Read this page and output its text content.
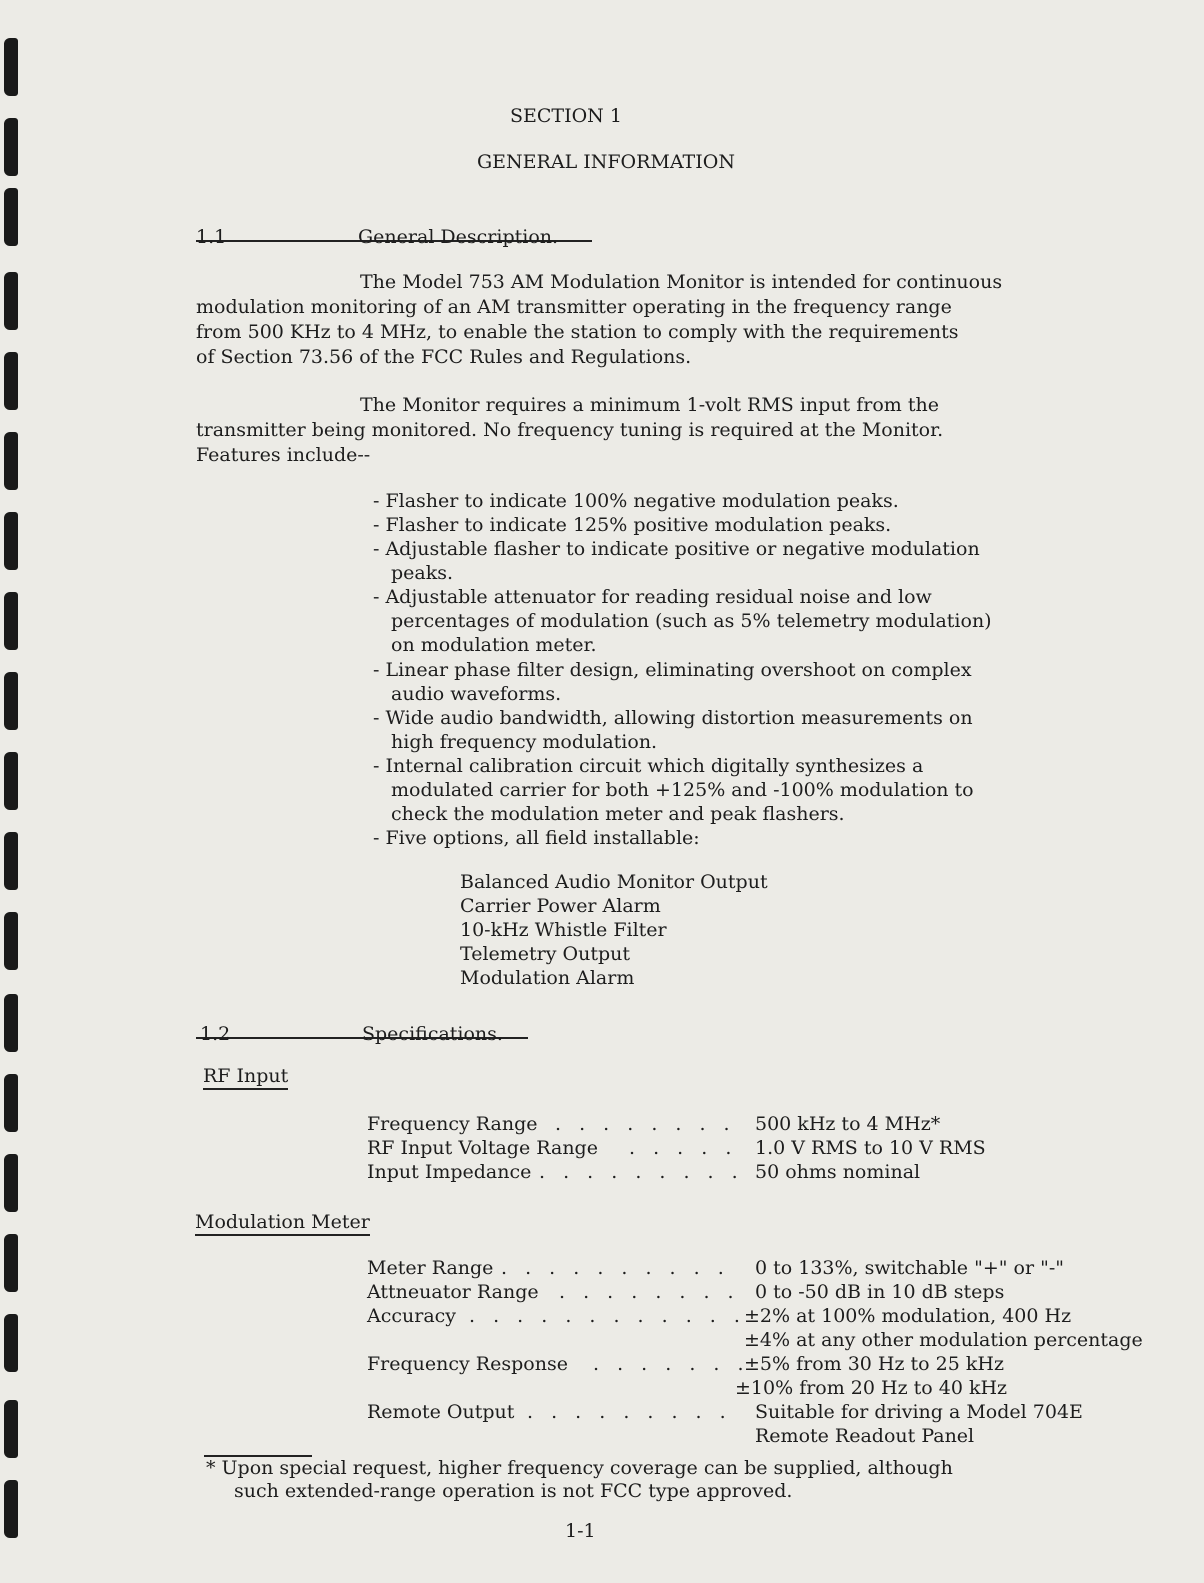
SECTION 1
GENERAL INFORMATION
1.1	General Description.
The Model 753 AM Modulation Monitor is intended for continuous
modulation monitoring of an AM transmitter operating in the frequency range
from 500 KHz to 4 MHz, to enable the station to comply with the requirements
of Section 73.56 of the FCC Rules and Regulations.
The Monitor requires a minimum 1-volt RMS input from the
transmitter being monitored. No frequency tuning is required at the Monitor.
Features include--
- Flasher to indicate 100% negative modulation peaks.
- Flasher to indicate 125% positive modulation peaks.
- Adjustable flasher to indicate positive or negative modulation
peaks.
- Adjustable attenuator for reading residual noise and low
percentages of modulation (such as 5% telemetry modulation)
on modulation meter.
- Linear phase filter design, eliminating overshoot on complex
audio waveforms.
- Wide audio bandwidth, allowing distortion measurements on
high frequency modulation.
- Internal calibration circuit which digitally synthesizes a
modulated carrier for both +125% and -100% modulation to
check the modulation meter and peak flashers.
- Five options, all field installable:
Balanced Audio Monitor Output
Carrier Power Alarm
10-kHz Whistle Filter
Telemetry Output
Modulation Alarm
1.2	Specifications.
RF Input
Frequency Range . . . . . . . . 500 kHz to 4 MHz*
RF Input Voltage Range . . . . . 1.0 V RMS to 10 V RMS
Input Impedance . . . . . . . . . 50 ohms nominal
Modulation Meter
Meter Range . . . . . . . . . . 0 to 133%, switchable "+" or "-"
Attneuator Range . . . . . . . . 0 to -50 dB in 10 dB steps
Accuracy . . . . . . . . . . . .
±2% at 100% modulation, 400 Hz
±4% at any other modulation percentage
Frequency Response . . . . . . .
±5% from 30 Hz to 25 kHz
±10% from 20 Hz to 40 kHz
Remote Output . . . . . . . . . Suitable for driving a Model 704E
Remote Readout Panel
* Upon special request, higher frequency coverage can be supplied, although
such extended-range operation is not FCC type approved.
1-1
